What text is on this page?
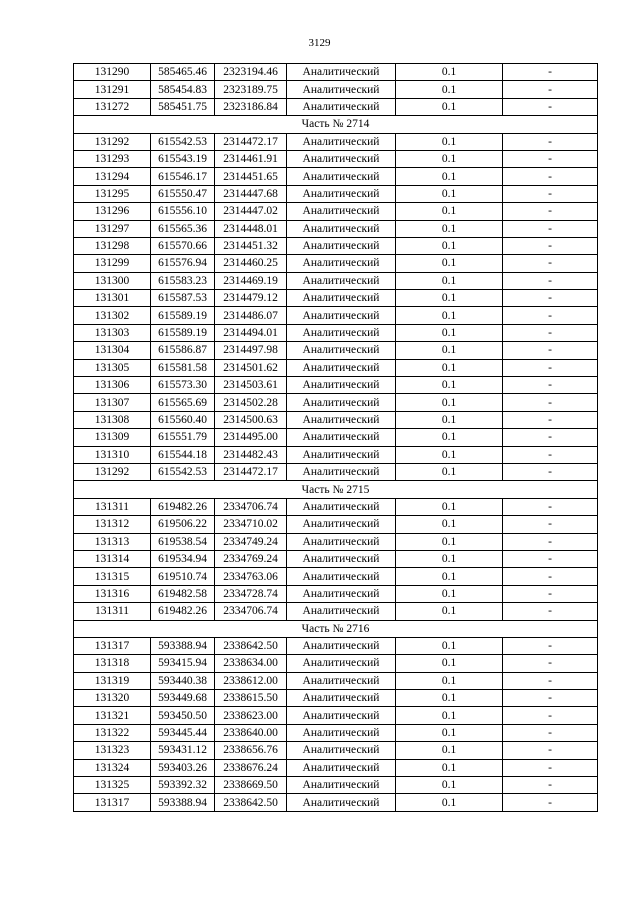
3129
131290	585465.46	2323194.46	Аналитический	0.1	-
131291	585454.83	2323189.75	Аналитический	0.1	-
131272	585451.75	2323186.84	Аналитический	0.1	-
Часть № 2714					
131292	615542.53	2314472.17	Аналитический	0.1	-
131293	615543.19	2314461.91	Аналитический	0.1	-
131294	615546.17	2314451.65	Аналитический	0.1	-
131295	615550.47	2314447.68	Аналитический	0.1	-
131296	615556.10	2314447.02	Аналитический	0.1	-
131297	615565.36	2314448.01	Аналитический	0.1	-
131298	615570.66	2314451.32	Аналитический	0.1	-
131299	615576.94	2314460.25	Аналитический	0.1	-
131300	615583.23	2314469.19	Аналитический	0.1	-
131301	615587.53	2314479.12	Аналитический	0.1	-
131302	615589.19	2314486.07	Аналитический	0.1	-
131303	615589.19	2314494.01	Аналитический	0.1	-
131304	615586.87	2314497.98	Аналитический	0.1	-
131305	615581.58	2314501.62	Аналитический	0.1	-
131306	615573.30	2314503.61	Аналитический	0.1	-
131307	615565.69	2314502.28	Аналитический	0.1	-
131308	615560.40	2314500.63	Аналитический	0.1	-
131309	615551.79	2314495.00	Аналитический	0.1	-
131310	615544.18	2314482.43	Аналитический	0.1	-
131292	615542.53	2314472.17	Аналитический	0.1	-
Часть № 2715					
131311	619482.26	2334706.74	Аналитический	0.1	-
131312	619506.22	2334710.02	Аналитический	0.1	-
131313	619538.54	2334749.24	Аналитический	0.1	-
131314	619534.94	2334769.24	Аналитический	0.1	-
131315	619510.74	2334763.06	Аналитический	0.1	-
131316	619482.58	2334728.74	Аналитический	0.1	-
131311	619482.26	2334706.74	Аналитический	0.1	-
Часть № 2716					
131317	593388.94	2338642.50	Аналитический	0.1	-
131318	593415.94	2338634.00	Аналитический	0.1	-
131319	593440.38	2338612.00	Аналитический	0.1	-
131320	593449.68	2338615.50	Аналитический	0.1	-
131321	593450.50	2338623.00	Аналитический	0.1	-
131322	593445.44	2338640.00	Аналитический	0.1	-
131323	593431.12	2338656.76	Аналитический	0.1	-
131324	593403.26	2338676.24	Аналитический	0.1	-
131325	593392.32	2338669.50	Аналитический	0.1	-
131317	593388.94	2338642.50	Аналитический	0.1	-
